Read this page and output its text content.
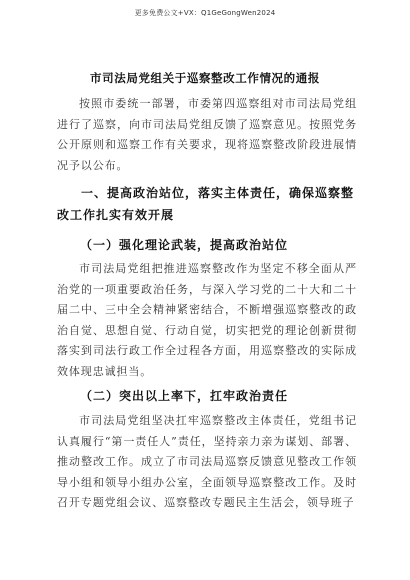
更多免费公文+VX：Q1GeGongWen2024
市司法局党组关于巡察整改工作情况的通报

按照市委统一部署，市委第四巡察组对市司法局党组进行了巡察，向市司法局党组反馈了巡察意见。按照党务公开原则和巡察工作有关要求，现将巡察整改阶段进展情况予以公布。

一、提高政治站位，落实主体责任，确保巡察整改工作扎实有效开展

（一）强化理论武装，提高政治站位

市司法局党组把推进巡察整改作为坚定不移全面从严治党的一项重要政治任务，与深入学习党的二十大和二十届二中、三中全会精神紧密结合，不断增强巡察整改的政治自觉、思想自觉、行动自觉，切实把党的理论创新贯彻落实到司法行政工作全过程各方面，用巡察整改的实际成效体现忠诚担当。

（二）突出以上率下，扛牢政治责任

市司法局党组坚决扛牢巡察整改主体责任，党组书记认真履行“第一责任人”责任，坚持亲力亲为谋划、部署、推动整改工作。成立了市司法局巡察反馈意见整改工作领导小组和领导小组办公室，全面领导巡察整改工作。及时召开专题党组会议、巡察整改专题民主生活会，领导班子
